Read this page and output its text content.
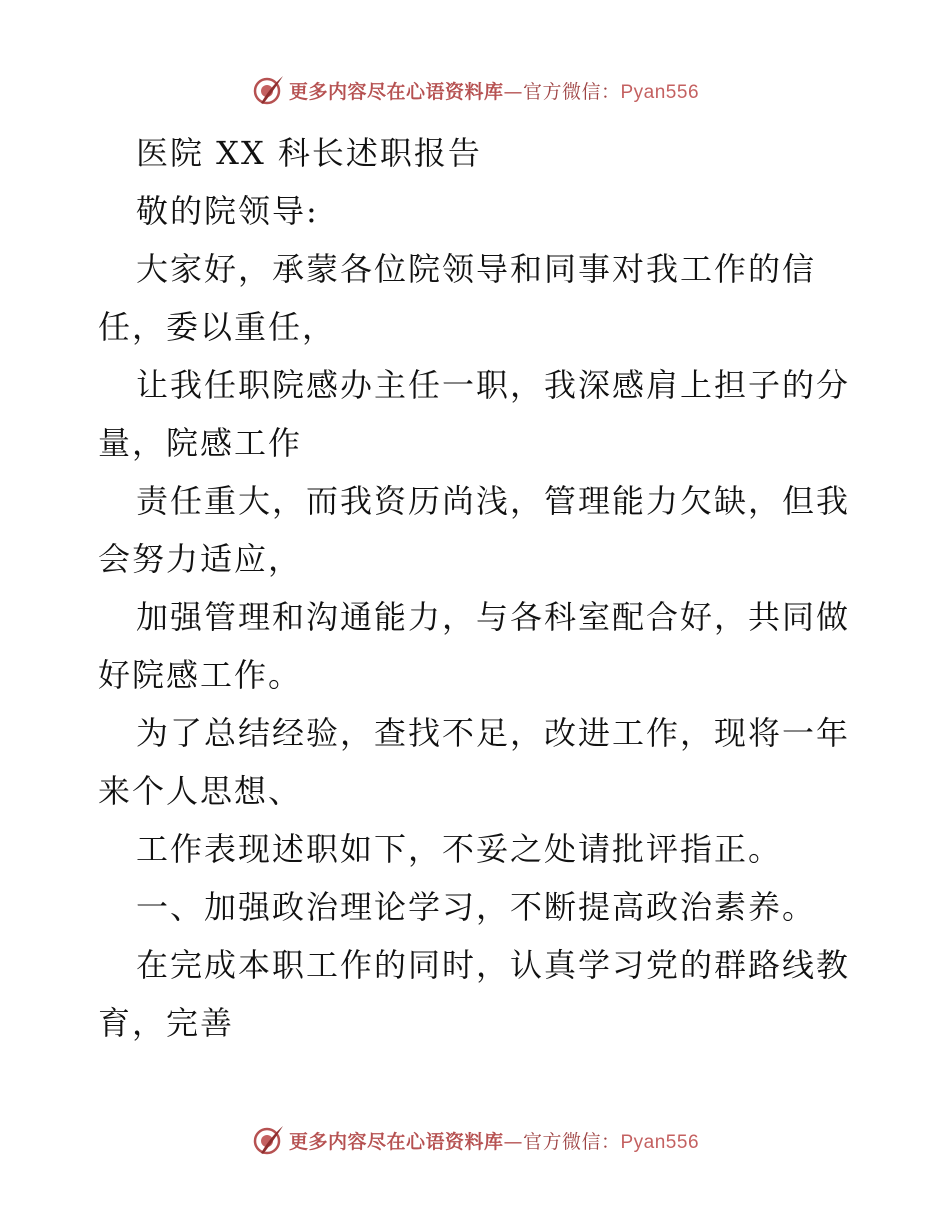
更多内容尽在心语资料库—官方微信：Pyan556
医院 XX 科长述职报告
敬的院领导:
大家好，承蒙各位院领导和同事对我工作的信
任，委以重任，
让我任职院感办主任一职，我深感肩上担子的分
量，院感工作
责任重大，而我资历尚浅，管理能力欠缺，但我
会努力适应，
加强管理和沟通能力，与各科室配合好，共同做
好院感工作。
为了总结经验，查找不足，改进工作，现将一年
来个人思想、
工作表现述职如下，不妥之处请批评指正。
一、加强政治理论学习，不断提高政治素养。
在完成本职工作的同时，认真学习党的群路线教
育，完善
更多内容尽在心语资料库—官方微信：Pyan556
